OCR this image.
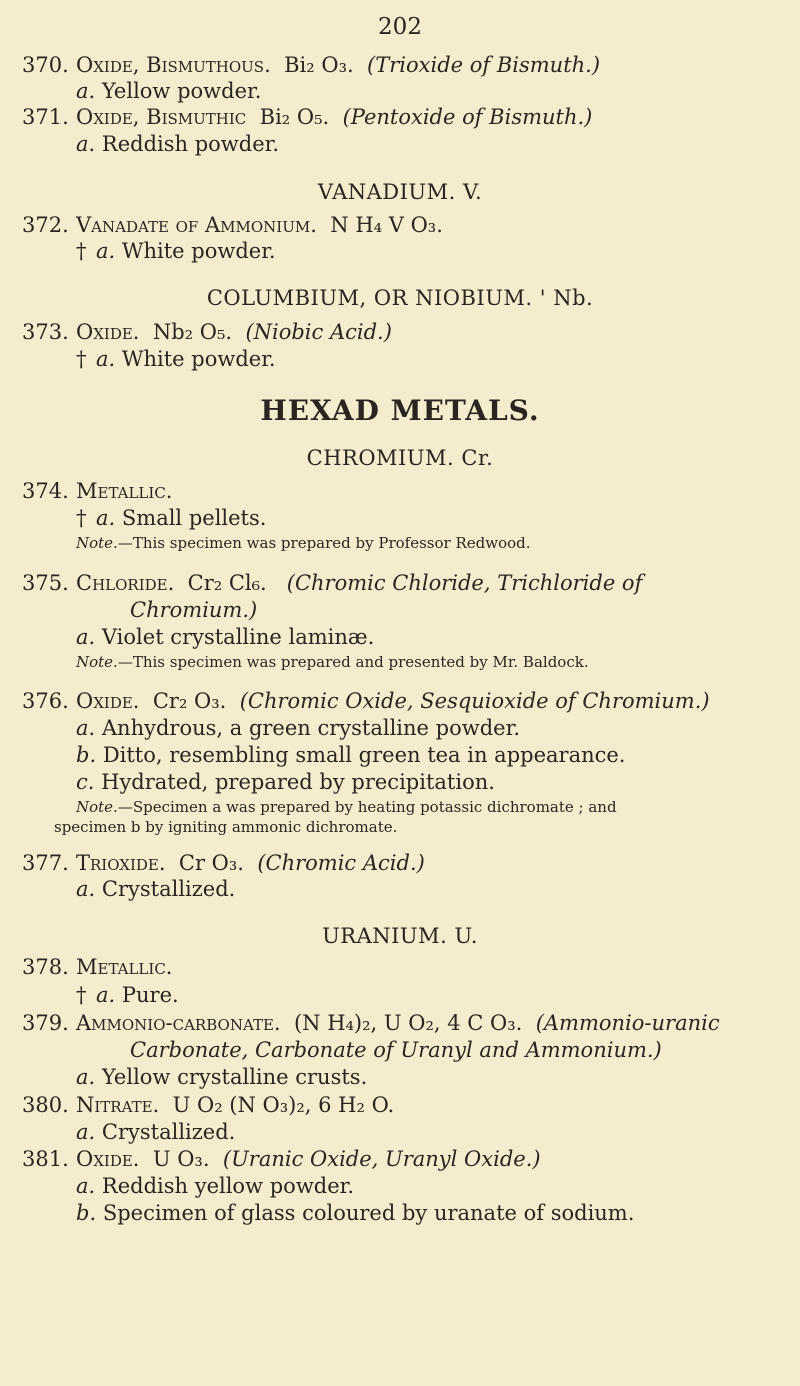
202
370. Oxide, Bismuthous. Bi₂ O₃. (Trioxide of Bismuth.)
a. Yellow powder.
371. Oxide, Bismuthic Bi₂ O₅. (Pentoxide of Bismuth.)
a. Reddish powder.
VANADIUM. V.
372. Vanadate of Ammonium. N H₄ V O₃.
† a. White powder.
COLUMBIUM, OR NIOBIUM. ' Nb.
373. Oxide. Nb₂ O₅. (Niobic Acid.)
† a. White powder.
HEXAD METALS.
CHROMIUM. Cr.
374. Metallic.
† a. Small pellets.
Note.—This specimen was prepared by Professor Redwood.
375. Chloride. Cr₂ Cl₆. (Chromic Chloride, Trichloride of
Chromium.)
a. Violet crystalline laminæ.
Note.—This specimen was prepared and presented by Mr. Baldock.
376. Oxide. Cr₂ O₃. (Chromic Oxide, Sesquioxide of Chromium.)
a. Anhydrous, a green crystalline powder.
b. Ditto, resembling small green tea in appearance.
c. Hydrated, prepared by precipitation.
Note.—Specimen a was prepared by heating potassic dichromate ; and
specimen b by igniting ammonic dichromate.
377. Trioxide. Cr O₃. (Chromic Acid.)
a. Crystallized.
URANIUM. U.
378. Metallic.
† a. Pure.
379. Ammonio-carbonate. (N H₄)₂, U O₂, 4 C O₃. (Ammonio-uranic
Carbonate, Carbonate of Uranyl and Ammonium.)
a. Yellow crystalline crusts.
380. Nitrate. U O₂ (N O₃)₂, 6 H₂ O.
a. Crystallized.
381. Oxide. U O₃. (Uranic Oxide, Uranyl Oxide.)
a. Reddish yellow powder.
b. Specimen of glass coloured by uranate of sodium.
